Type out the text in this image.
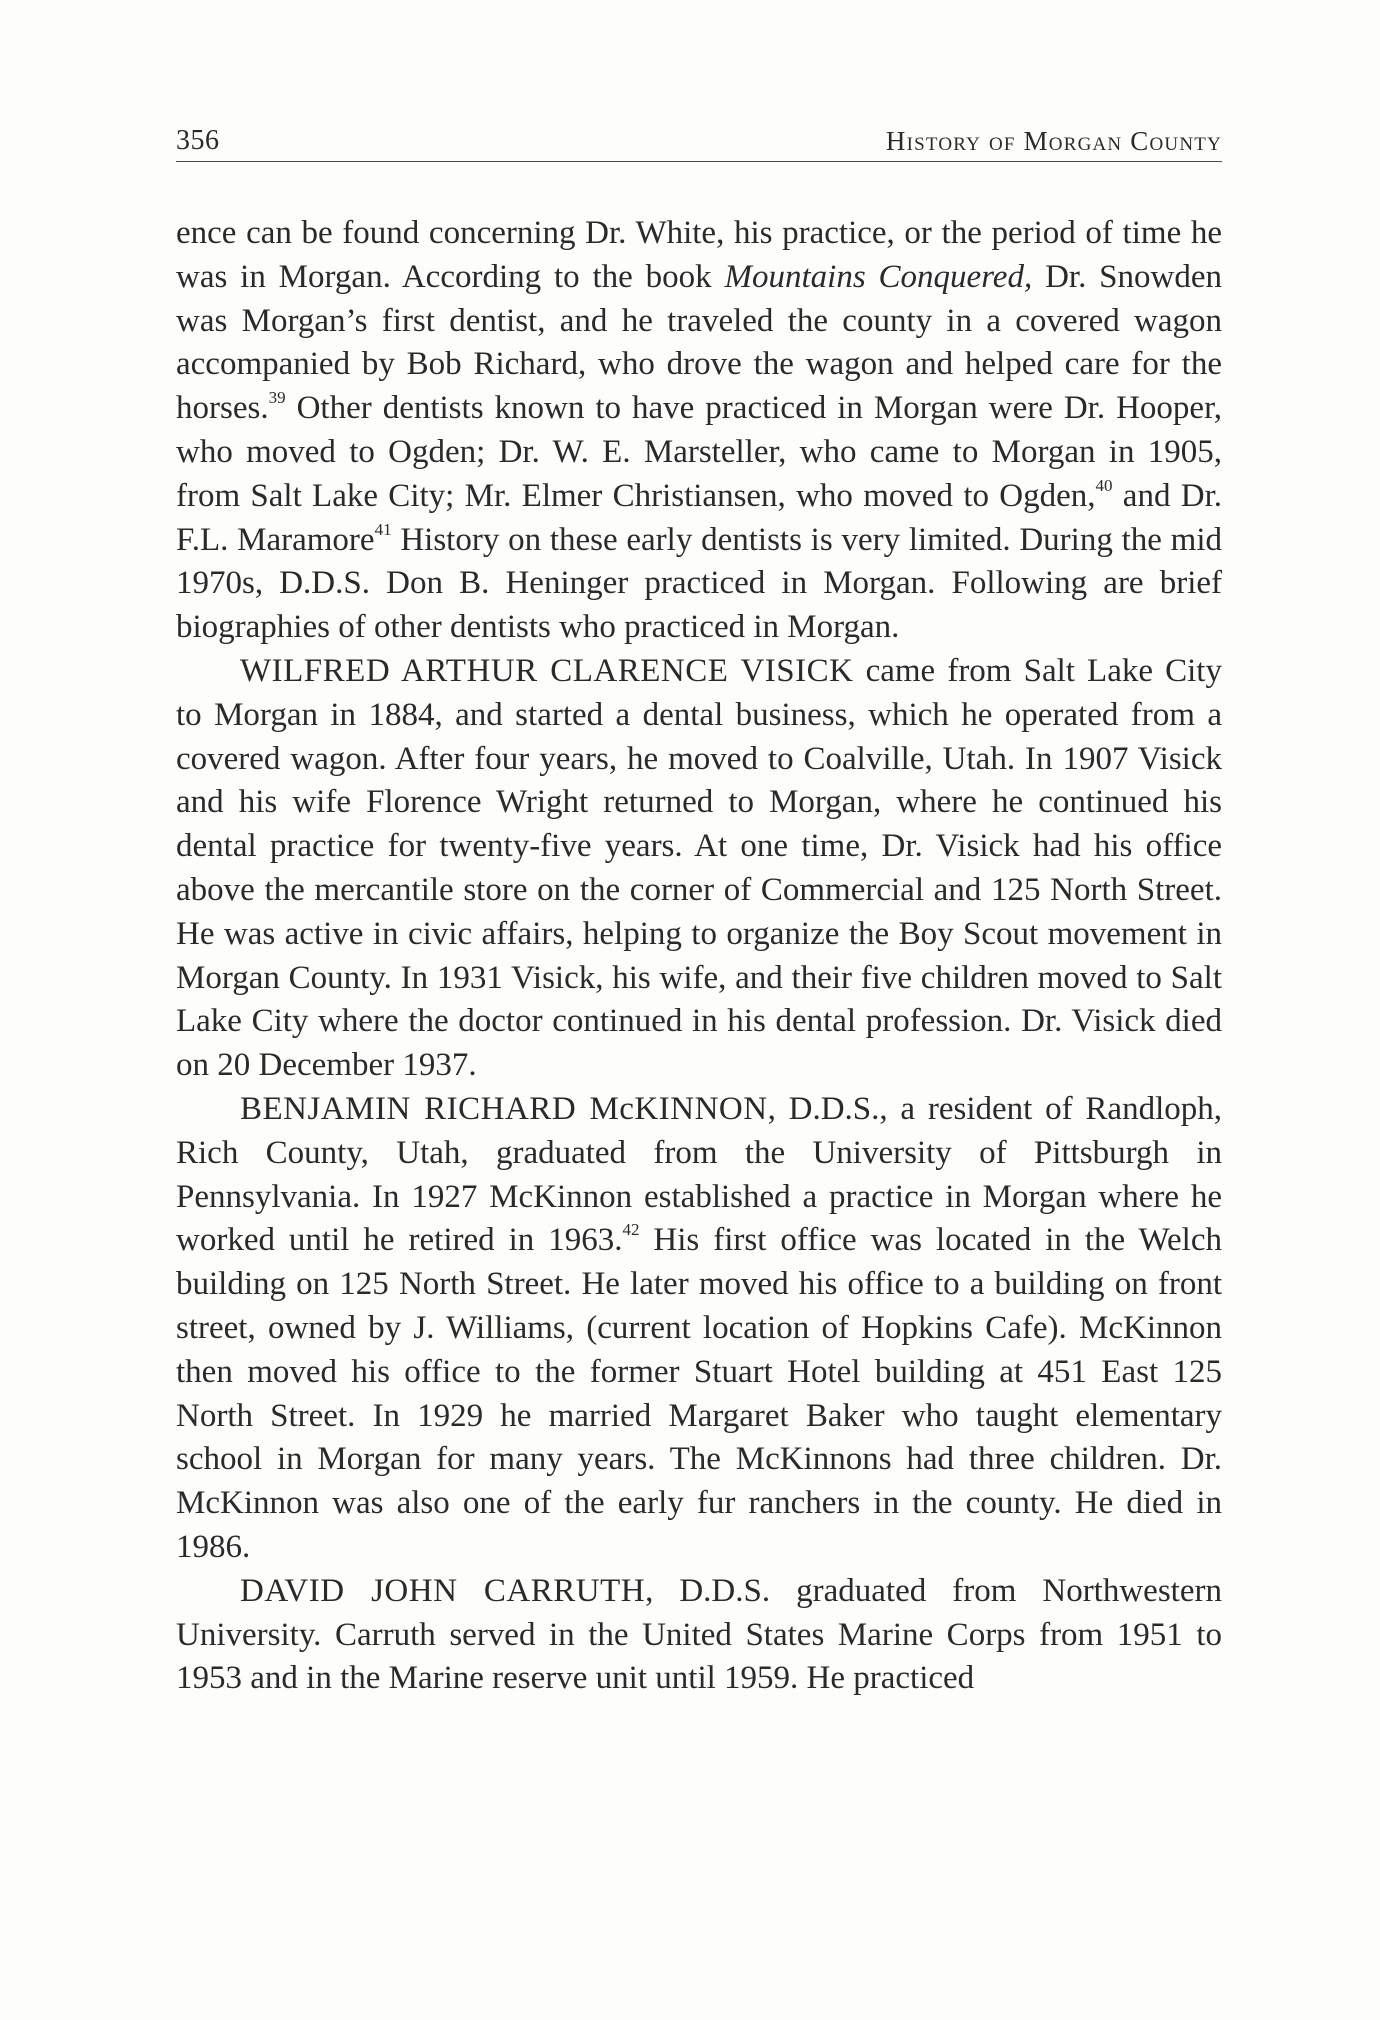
356	History of Morgan County

ence can be found concerning Dr. White, his practice, or the period of time he was in Morgan. According to the book Mountains Conquered, Dr. Snowden was Morgan’s first dentist, and he traveled the county in a covered wagon accompanied by Bob Richard, who drove the wagon and helped care for the horses.$^{39}$ Other dentists known to have practiced in Morgan were Dr. Hooper, who moved to Ogden; Dr. W. E. Marsteller, who came to Morgan in 1905, from Salt Lake City; Mr. Elmer Christiansen, who moved to Ogden,$^{40}$ and Dr. F.L. Maramore$^{41}$ History on these early dentists is very limited. During the mid 1970s, D.D.S. Don B. Heninger practiced in Morgan. Following are brief biographies of other dentists who practiced in Morgan.

WILFRED ARTHUR CLARENCE VISICK came from Salt Lake City to Morgan in 1884, and started a dental business, which he operated from a covered wagon. After four years, he moved to Coalville, Utah. In 1907 Visick and his wife Florence Wright returned to Morgan, where he continued his dental practice for twenty-five years. At one time, Dr. Visick had his office above the mercantile store on the corner of Commercial and 125 North Street. He was active in civic affairs, helping to organize the Boy Scout movement in Morgan County. In 1931 Visick, his wife, and their five children moved to Salt Lake City where the doctor continued in his dental profession. Dr. Visick died on 20 December 1937.

BENJAMIN RICHARD McKINNON, D.D.S., a resident of Randloph, Rich County, Utah, graduated from the University of Pittsburgh in Pennsylvania. In 1927 McKinnon established a practice in Morgan where he worked until he retired in 1963.42 His first office was located in the Welch building on 125 North Street. He later moved his office to a building on front street, owned by J. Williams, (current location of Hopkins Cafe). McKinnon then moved his office to the former Stuart Hotel building at 451 East 125 North Street. In 1929 he married Margaret Baker who taught elementary school in Morgan for many years. The McKinnons had three children. Dr. McKinnon was also one of the early fur ranchers in the county. He died in 1986.

DAVID JOHN CARRUTH, D.D.S. graduated from Northwestern University. Carruth served in the United States Marine Corps from 1951 to 1953 and in the Marine reserve unit until 1959. He practiced
